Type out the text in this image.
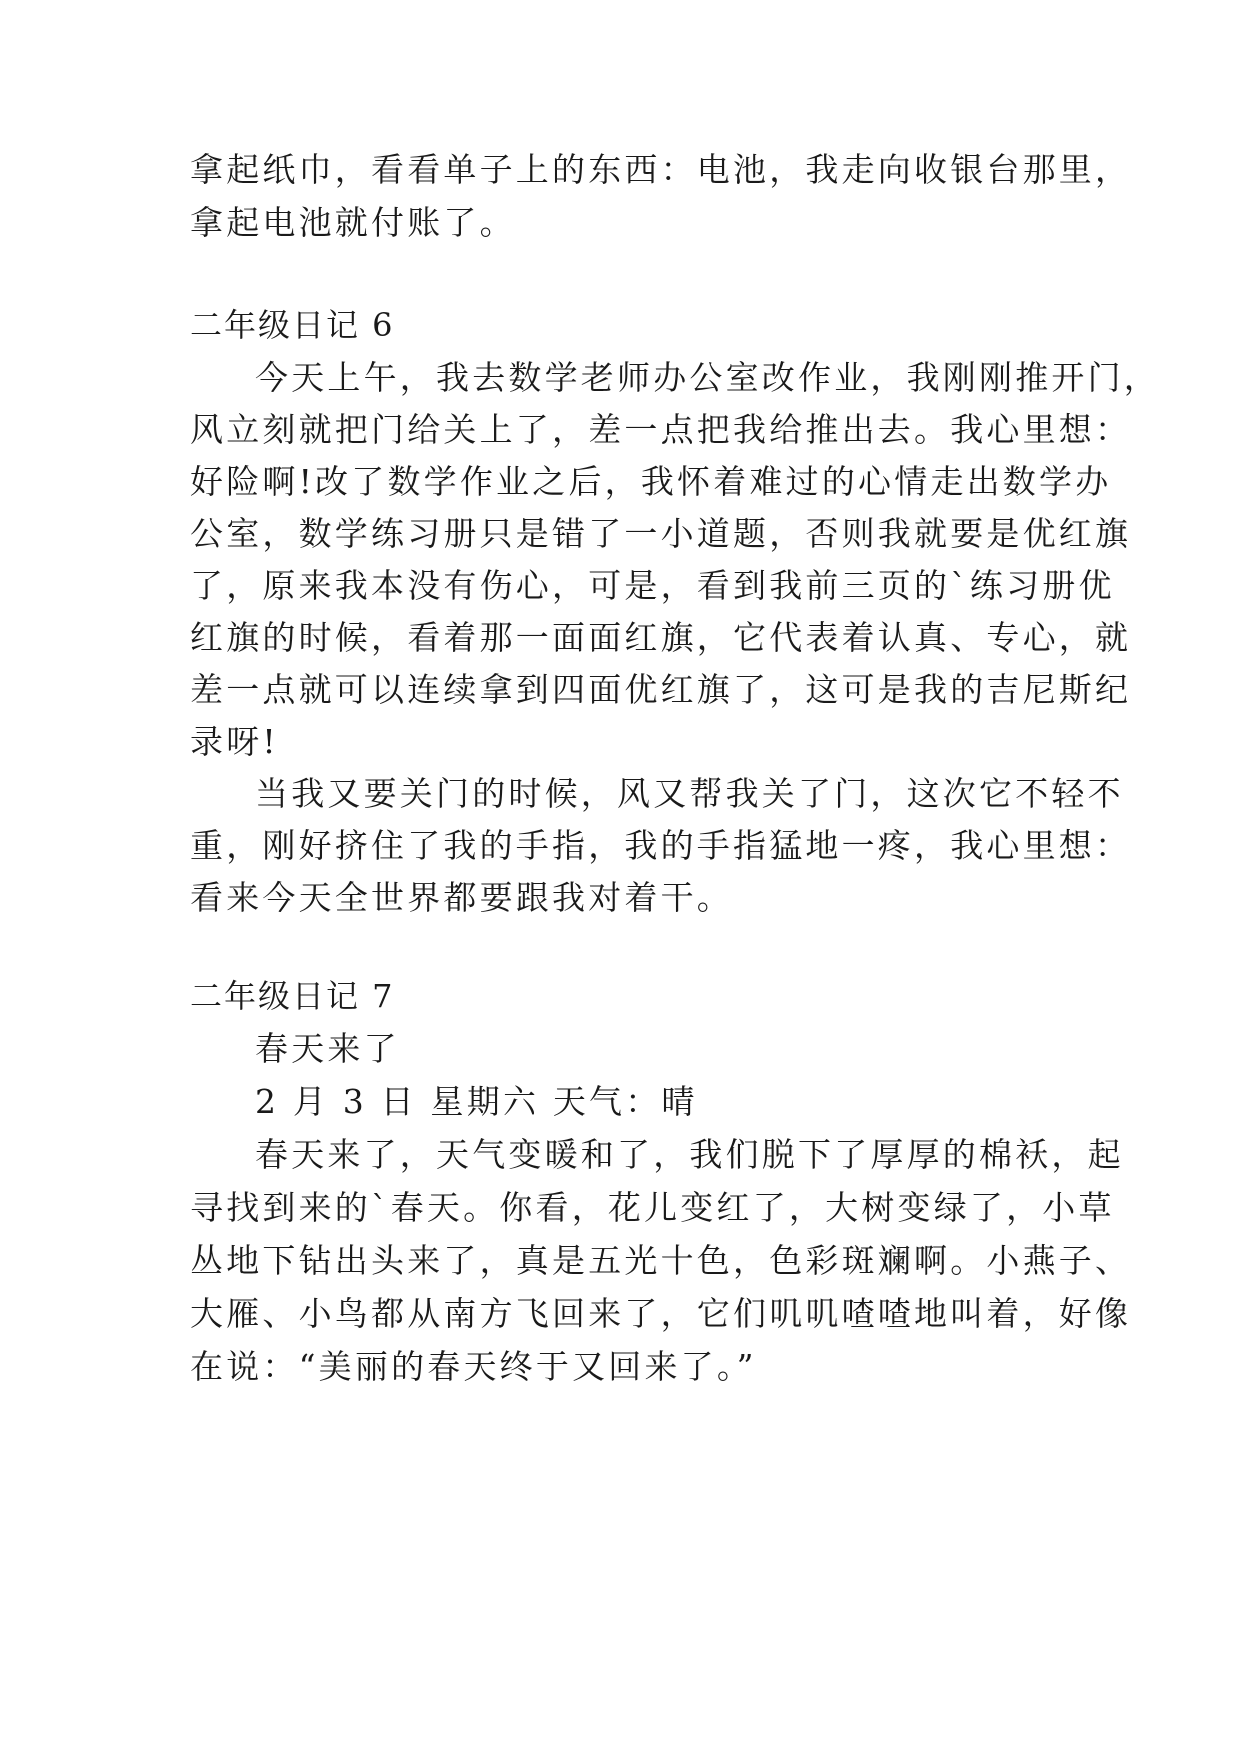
拿起纸巾，看看单子上的东西：电池，我走向收银台那里，
拿起电池就付账了。
二年级日记 6
今天上午，我去数学老师办公室改作业，我刚刚推开门，
风立刻就把门给关上了，差一点把我给推出去。我心里想：
好险啊!改了数学作业之后，我怀着难过的心情走出数学办
公室，数学练习册只是错了一小道题，否则我就要是优红旗
了，原来我本没有伤心，可是，看到我前三页的`练习册优
红旗的时候，看着那一面面红旗，它代表着认真、专心，就
差一点就可以连续拿到四面优红旗了，这可是我的吉尼斯纪
录呀!
当我又要关门的时候，风又帮我关了门，这次它不轻不
重，刚好挤住了我的手指，我的手指猛地一疼，我心里想：
看来今天全世界都要跟我对着干。
二年级日记 7
春天来了
2 月 3 日 星期六 天气：晴
春天来了，天气变暖和了，我们脱下了厚厚的棉袄，起
寻找到来的`春天。你看，花儿变红了，大树变绿了，小草
丛地下钻出头来了，真是五光十色，色彩斑斓啊。小燕子、
大雁、小鸟都从南方飞回来了，它们叽叽喳喳地叫着，好像
在说：“美丽的春天终于又回来了。”
